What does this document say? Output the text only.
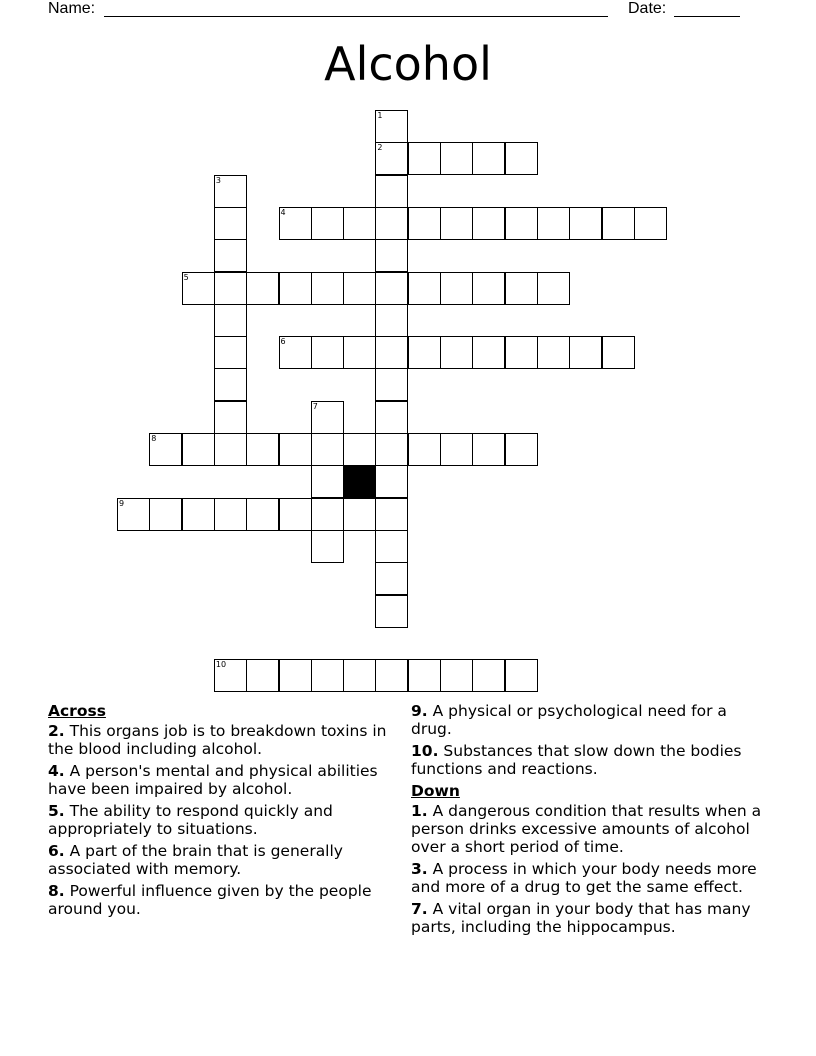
Name:	Date:
Alcohol
1
2
3
4
5
6
7
8
9
10
Across
2. This organs job is to breakdown toxins in the blood including alcohol.
4. A person's mental and physical abilities have been impaired by alcohol.
5. The ability to respond quickly and appropriately to situations.
6. A part of the brain that is generally associated with memory.
8. Powerful influence given by the people around you.
9. A physical or psychological need for a drug.
10. Substances that slow down the bodies functions and reactions.
Down
1. A dangerous condition that results when a person drinks excessive amounts of alcohol over a short period of time.
3. A process in which your body needs more and more of a drug to get the same effect.
7. A vital organ in your body that has many parts, including the hippocampus.
